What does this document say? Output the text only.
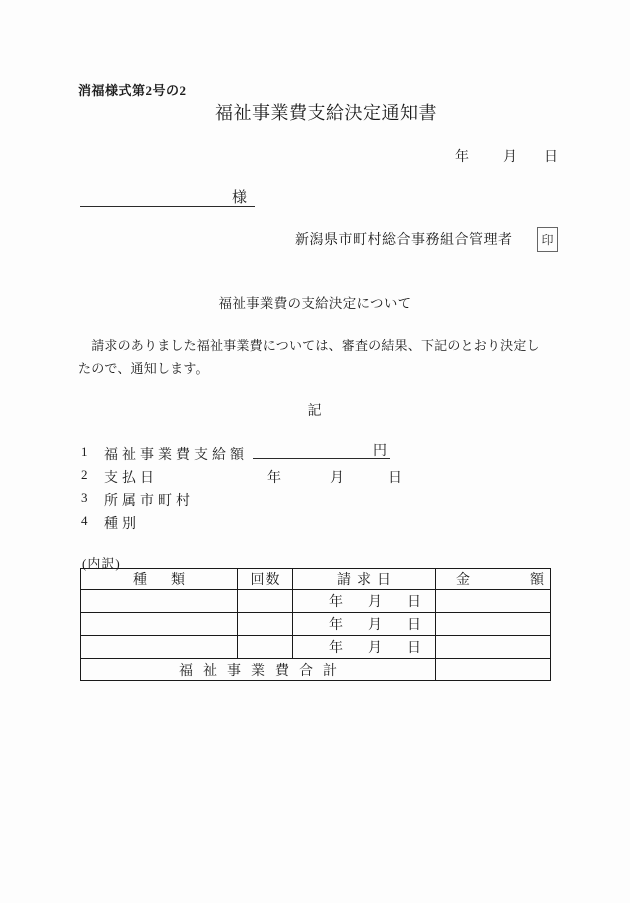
消福様式第2号の2
福祉事業費支給決定通知書
年 月 日
様
新潟県市町村総合事務組合管理者 印
福祉事業費の支給決定について
　請求のありました福祉事業費については、審査の結果、下記のとおり決定し
たので、通知します。
記
1 福祉事業費支給額	円
2 支払日	年	月	日
3 所属市町村
4 種別
(内訳)
種類	回数	請求日	金 額

		年 月 日	

		年 月 日	

		年 月 日	

福祉事業費合計			
